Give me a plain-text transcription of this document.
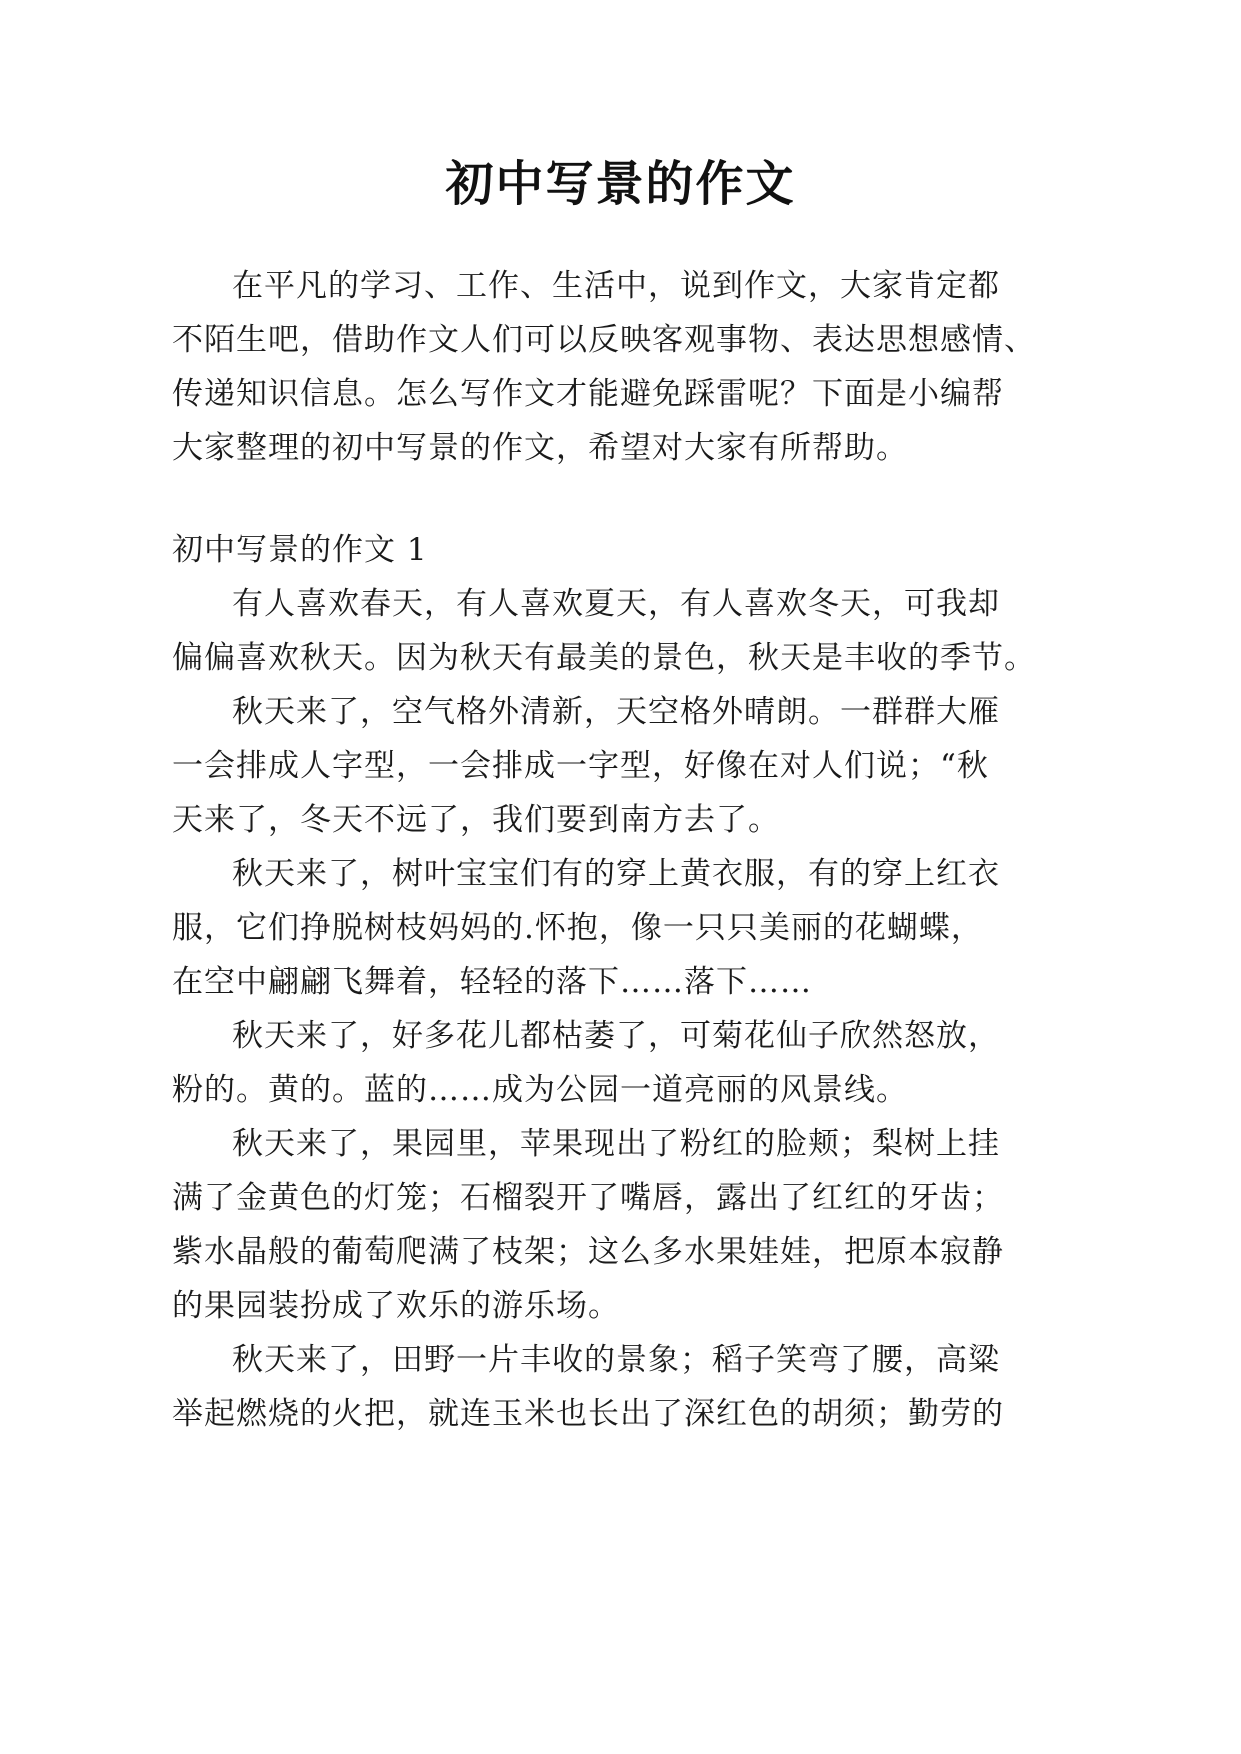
初中写景的作文
在平凡的学习、工作、生活中，说到作文，大家肯定都
不陌生吧，借助作文人们可以反映客观事物、表达思想感情、
传递知识信息。怎么写作文才能避免踩雷呢？下面是小编帮
大家整理的初中写景的作文，希望对大家有所帮助。
初中写景的作文 1
有人喜欢春天，有人喜欢夏天，有人喜欢冬天，可我却
偏偏喜欢秋天。因为秋天有最美的景色，秋天是丰收的季节。
秋天来了，空气格外清新，天空格外晴朗。一群群大雁
一会排成人字型，一会排成一字型，好像在对人们说；“秋
天来了，冬天不远了，我们要到南方去了。
秋天来了，树叶宝宝们有的穿上黄衣服，有的穿上红衣
服，它们挣脱树枝妈妈的.怀抱，像一只只美丽的花蝴蝶，
在空中翩翩飞舞着，轻轻的落下……落下……
秋天来了，好多花儿都枯萎了，可菊花仙子欣然怒放，
粉的。黄的。蓝的……成为公园一道亮丽的风景线。
秋天来了，果园里，苹果现出了粉红的脸颊；梨树上挂
满了金黄色的灯笼；石榴裂开了嘴唇，露出了红红的牙齿；
紫水晶般的葡萄爬满了枝架；这么多水果娃娃，把原本寂静
的果园装扮成了欢乐的游乐场。
秋天来了，田野一片丰收的景象；稻子笑弯了腰，高粱
举起燃烧的火把，就连玉米也长出了深红色的胡须；勤劳的
